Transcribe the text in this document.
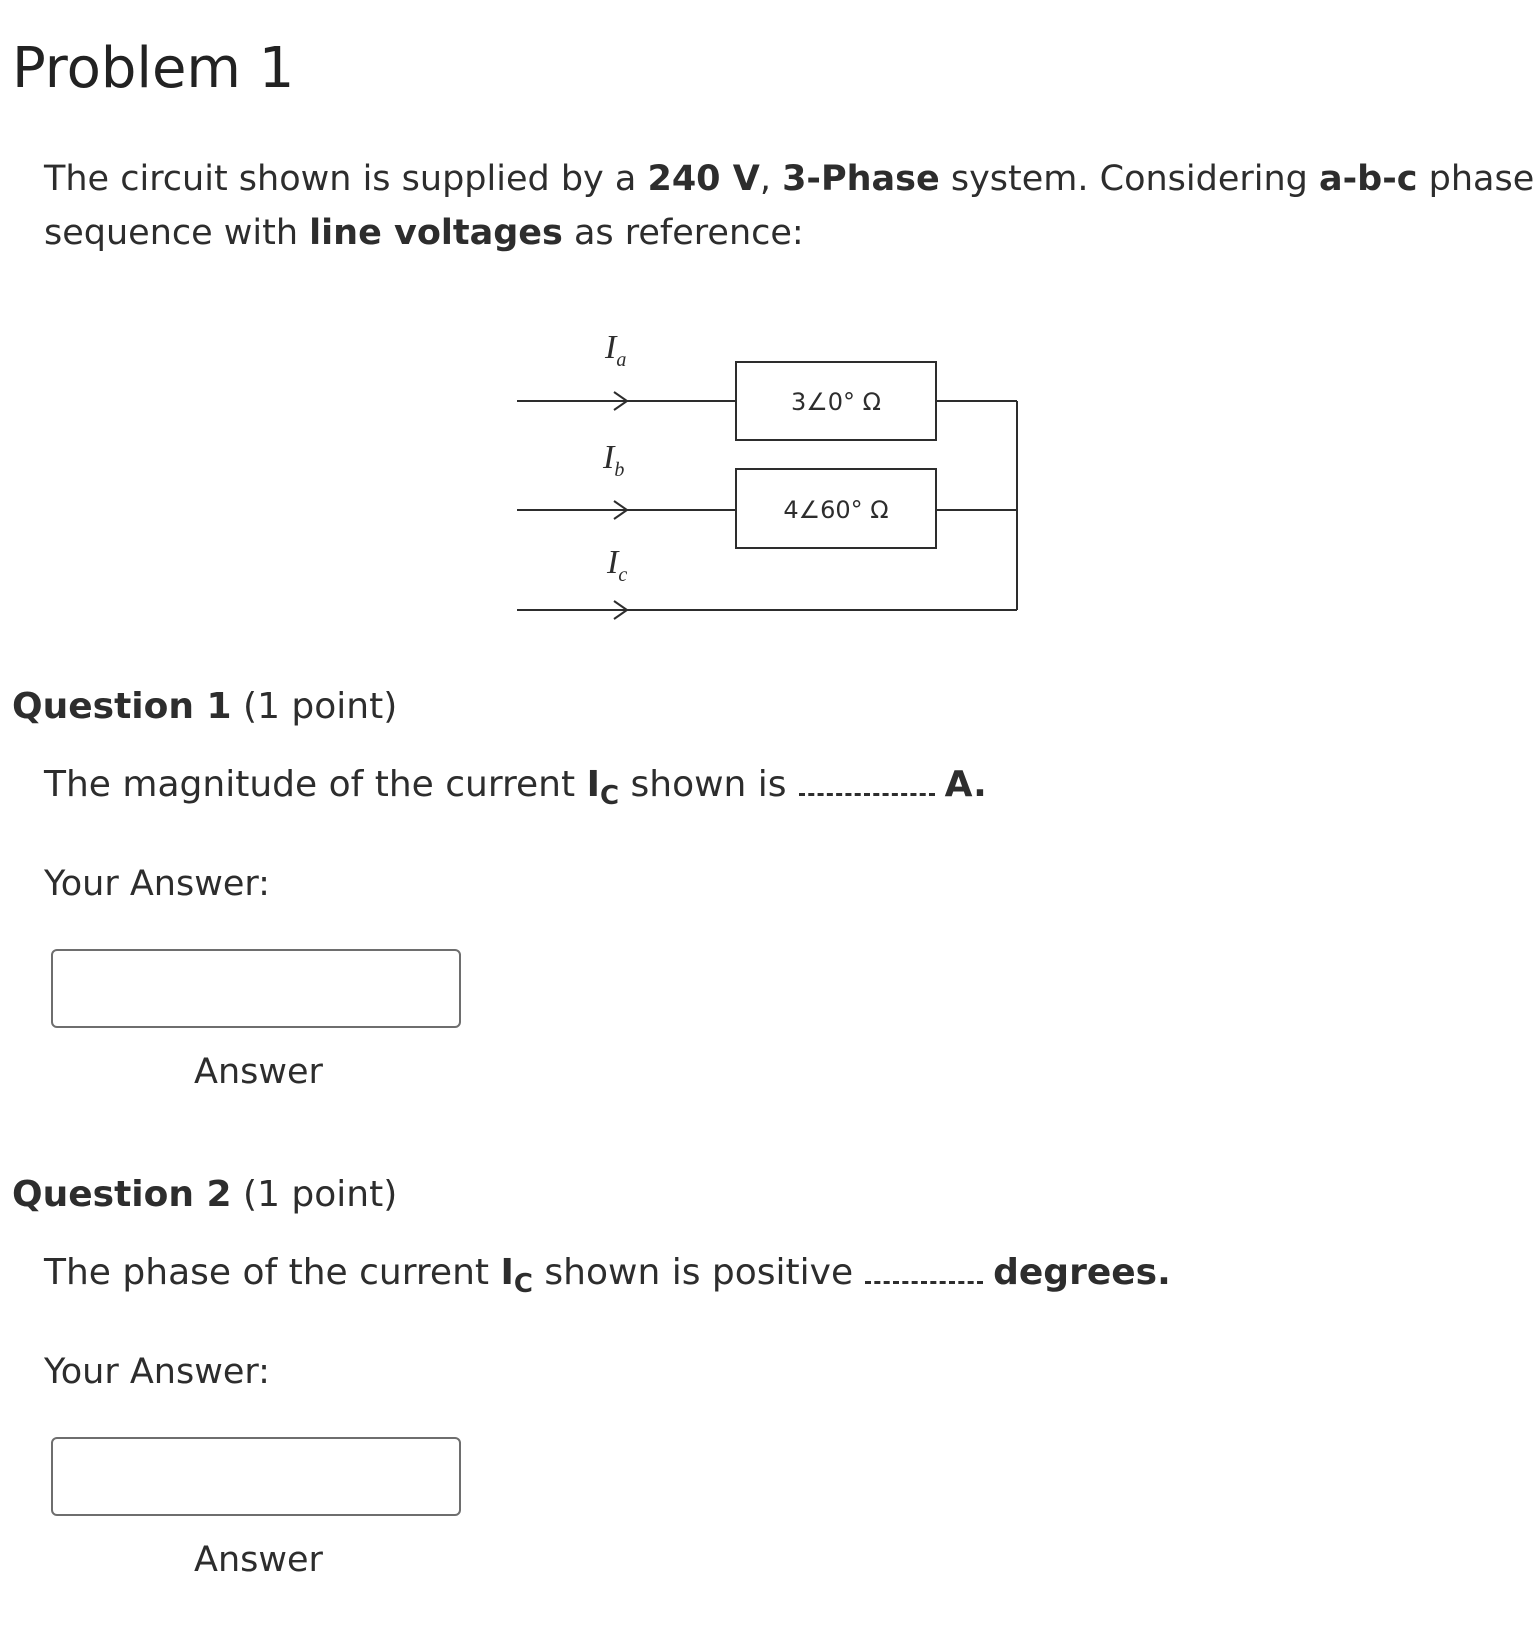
Problem 1

The circuit shown is supplied by a 240 V, 3-Phase system. Considering a-b-c phase

sequence with line voltages as reference:

$I_a$
$I_b$
$I_c$
3∠0° Ω
4∠60° Ω

Question 1 (1 point)

The magnitude of the current $I_C$ shown is	A.

Your Answer:

Answer

Question 2 (1 point)

The phase of the current $I_C$ shown is positive	degrees.

Your Answer:

Answer
